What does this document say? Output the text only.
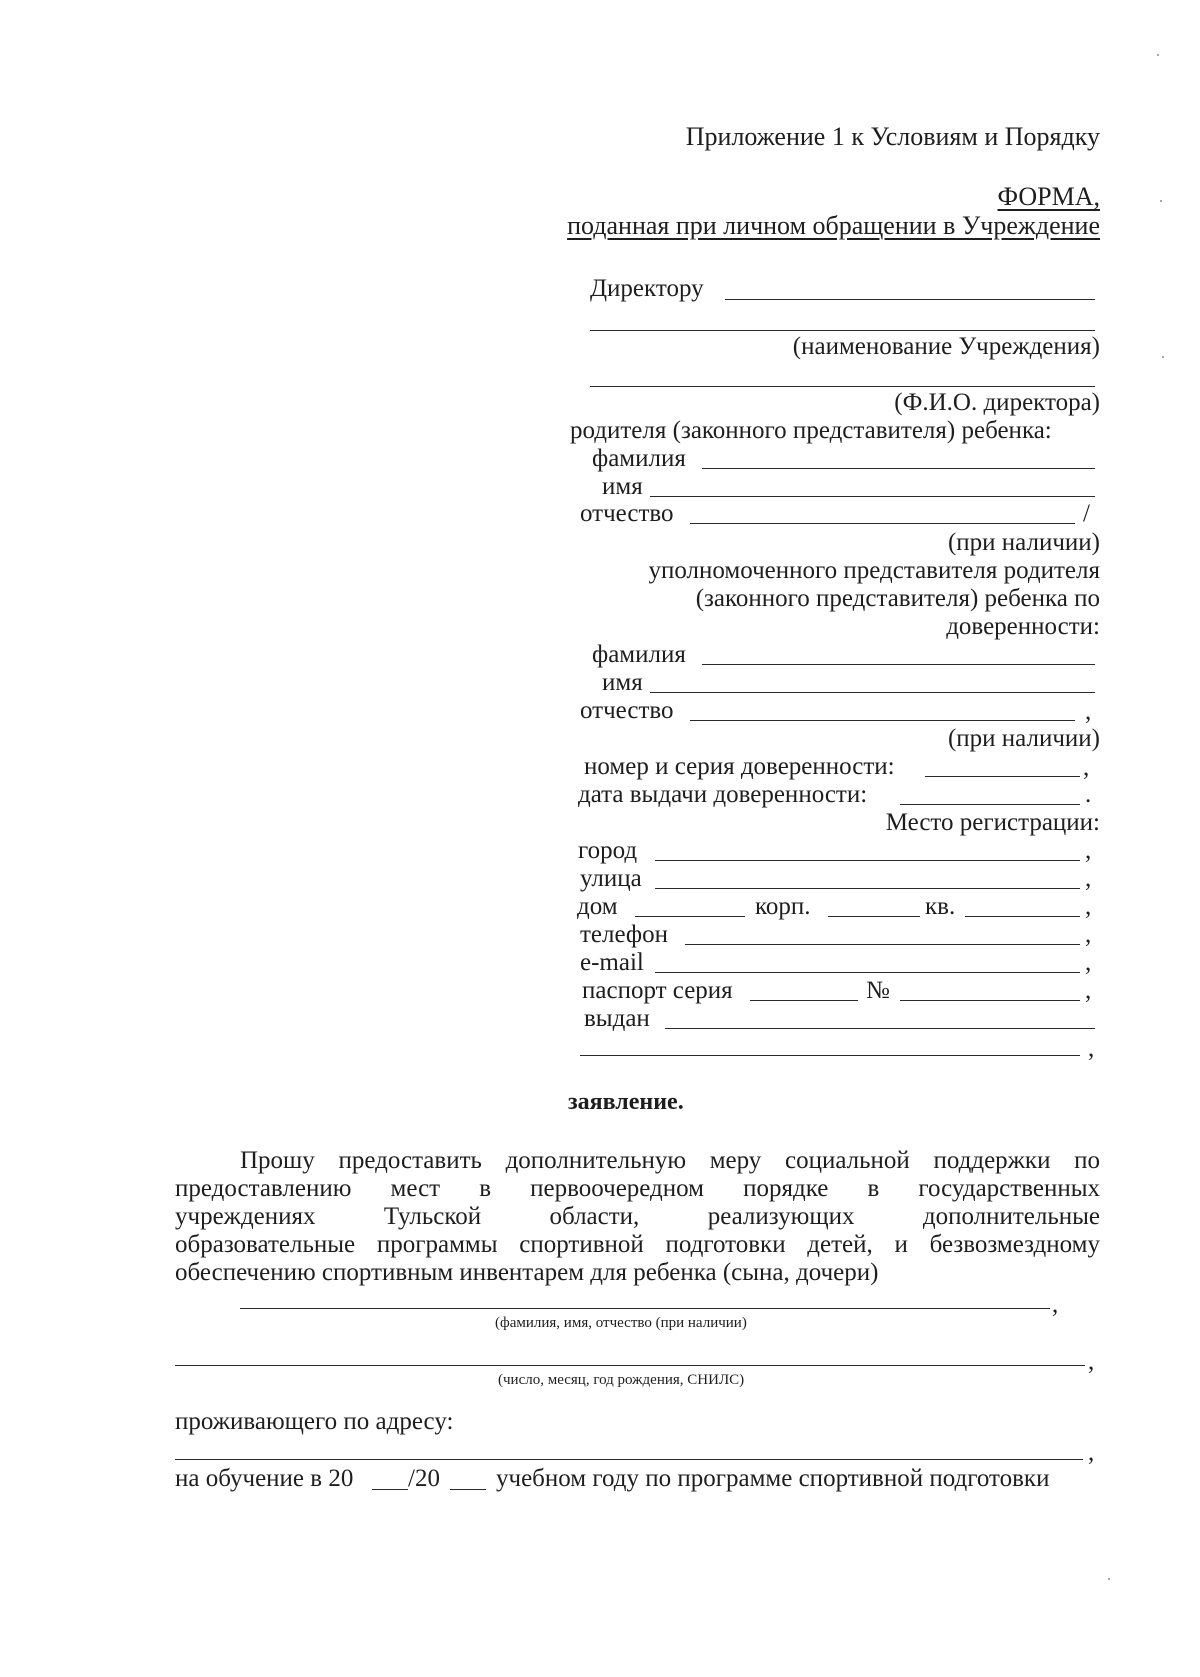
Приложение 1 к Условиям и Порядку
ФОРМА,
поданная при личном обращении в Учреждение
Директору
(наименование Учреждения)
(Ф.И.О. директора)
родителя (законного представителя) ребенка:
фамилия
имя
отчество	/
(при наличии)
уполномоченного представителя родителя
(законного представителя) ребенка по
доверенности:
фамилия
имя
отчество	,
(при наличии)
номер и серия доверенности:	,
дата выдачи доверенности:	.
Место регистрации:
город	,
улица	,
дом	корп.	кв.	,
телефон	,
e-mail	,
паспорт серия	№	,
выдан
,
заявление.
Прошу предоставить дополнительную меру социальной поддержки по
предоставлению мест в первоочередном порядке в государственных
учреждениях	Тульской	области,	реализующих	дополнительные
образовательные программы спортивной подготовки детей, и безвозмездному
обеспечению спортивным инвентарем для ребенка (сына, дочери)
,
(фамилия, имя, отчество (при наличии)
,
(число, месяц, год рождения, СНИЛС)
проживающего по адресу:
,
на обучение в 20 /20 учебном году по программе спортивной подготовки
